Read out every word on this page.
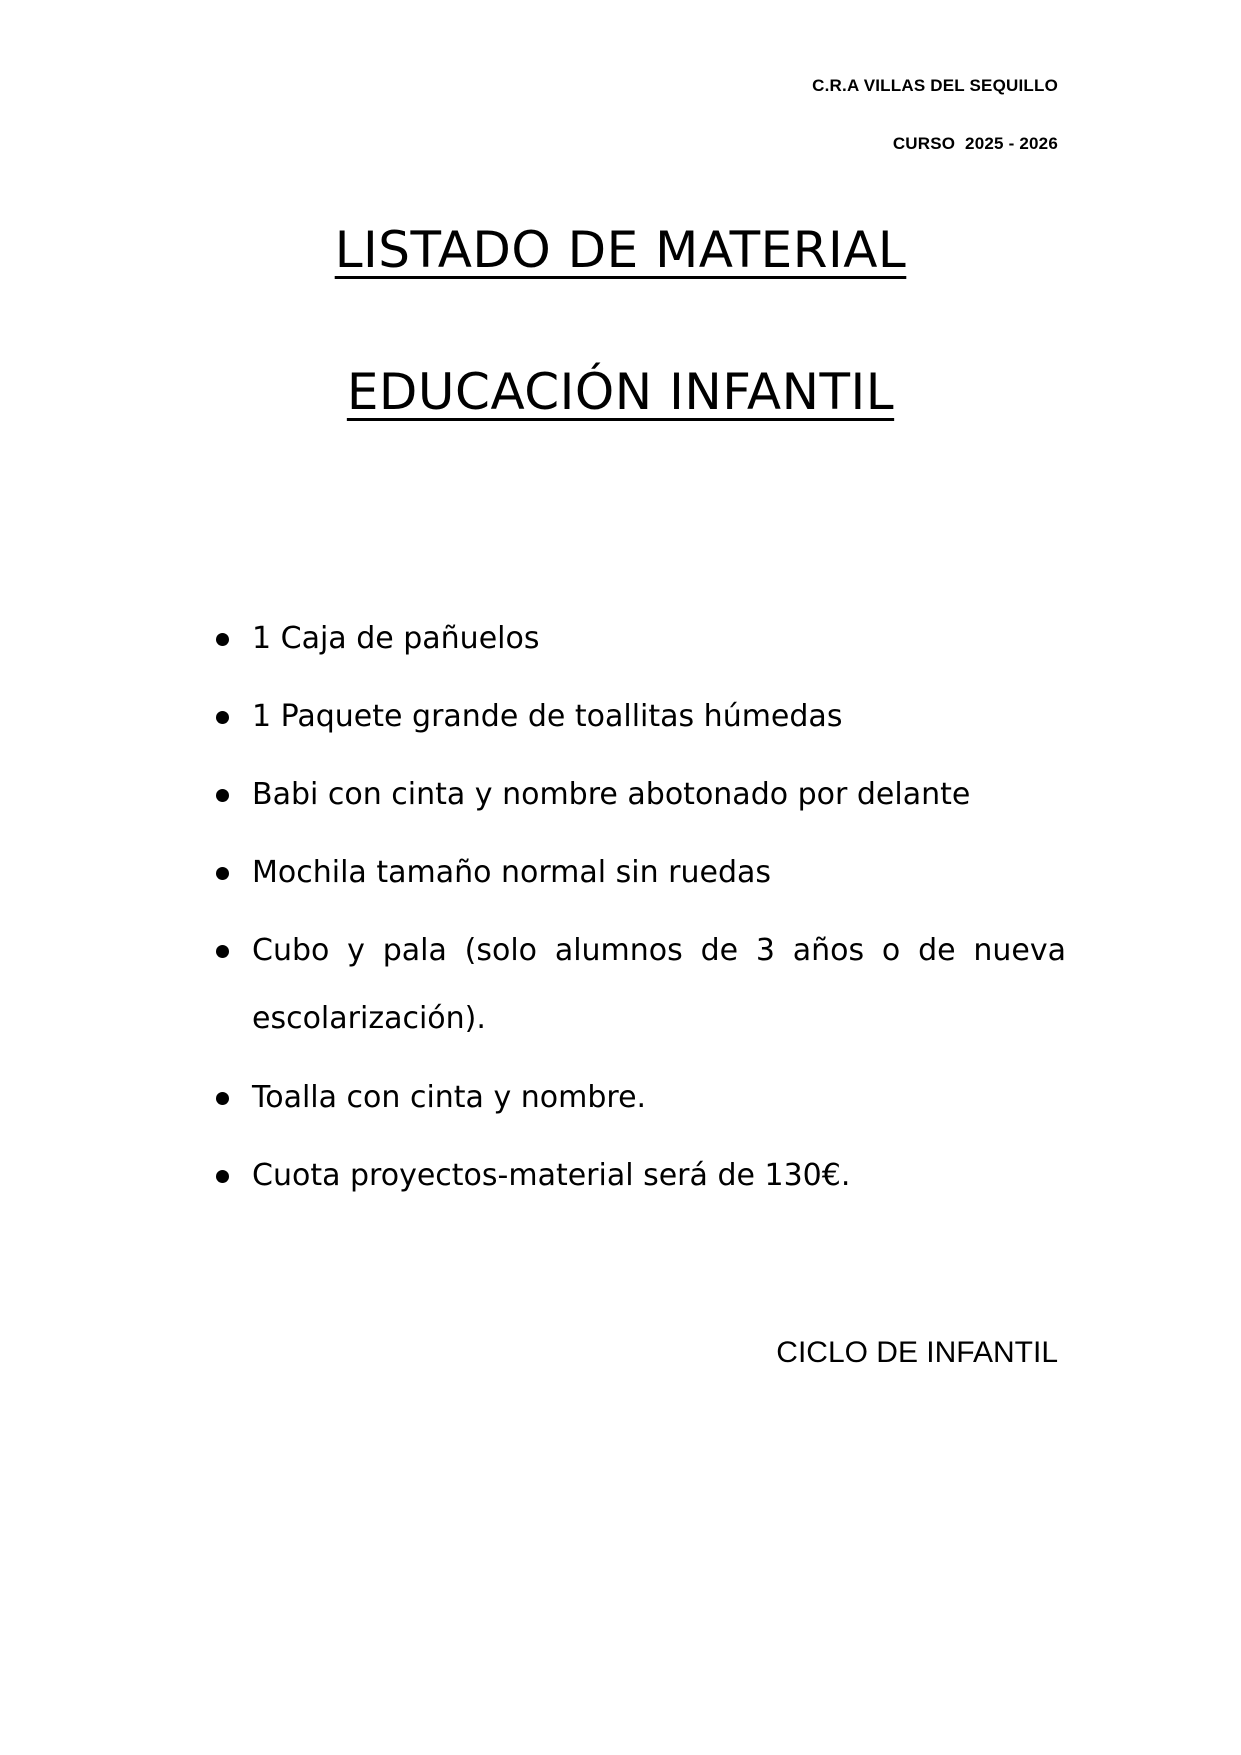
C.R.A VILLAS DEL SEQUILLO
CURSO  2025 - 2026
LISTADO DE MATERIAL
EDUCACIÓN INFANTIL
1 Caja de pañuelos
1 Paquete grande de toallitas húmedas
Babi con cinta y nombre abotonado por delante
Mochila tamaño normal sin ruedas
Cubo y pala (solo alumnos de 3 años o de nueva escolarización).
Toalla con cinta y nombre.
Cuota proyectos-material será de 130€.
CICLO DE INFANTIL
